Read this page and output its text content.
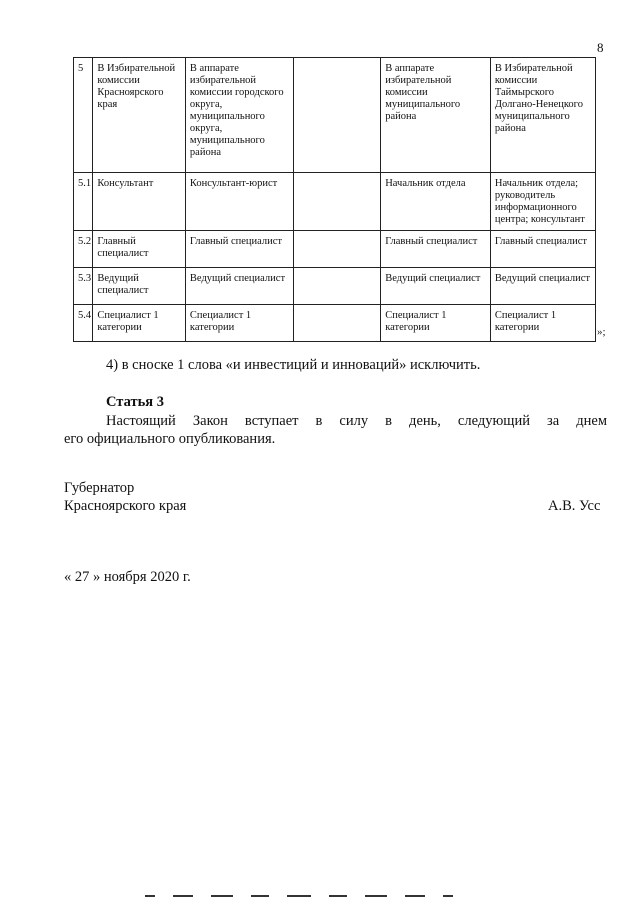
8
5	В Избирательной комиссии Красноярского края	В аппарате избирательной комиссии городского округа, муниципального округа, муниципального района		В аппарате избирательной комиссии муниципального района	В Избирательной комиссии Таймырского Долгано-Ненецкого муниципального района
5.1	Консультант	Консультант-юрист		Начальник отдела	Начальник отдела; руководитель информационного центра; консультант
5.2	Главный специалист	Главный специалист		Главный специалист	Главный специалист
5.3	Ведущий специалист	Ведущий специалист		Ведущий специалист	Ведущий специалист
5.4	Специалист 1 категории	Специалист 1 категории		Специалист 1 категории	Специалист 1 категории	»;
4) в сноске 1 слова «и инвестиций и инноваций» исключить.
Статья 3
Настоящий Закон вступает в силу в день, следующий за днем
его официального опубликования.
Губернатор
Красноярского края	А.В. Усс
« 27 » ноября 2020 г.
